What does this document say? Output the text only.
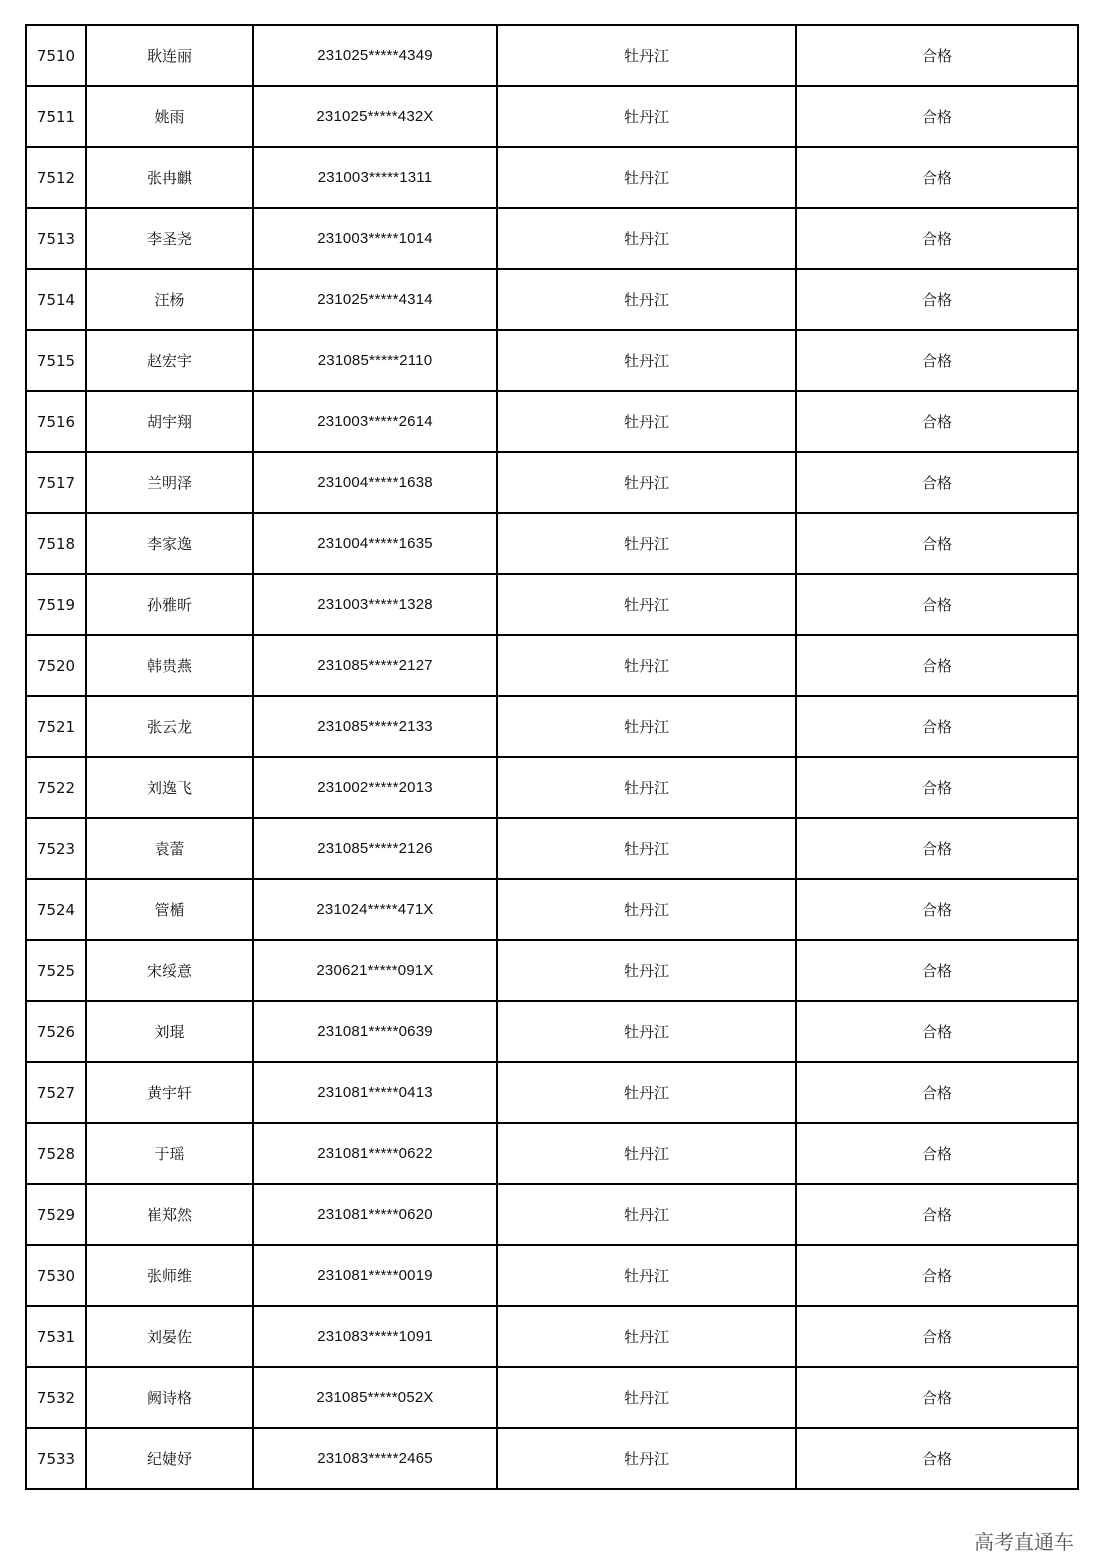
7510	耿连丽	231025*****4349	牡丹江	合格
7511	姚雨	231025*****432X	牡丹江	合格
7512	张冉麒	231003*****1311	牡丹江	合格
7513	李圣尧	231003*****1014	牡丹江	合格
7514	汪杨	231025*****4314	牡丹江	合格
7515	赵宏宇	231085*****2110	牡丹江	合格
7516	胡宇翔	231003*****2614	牡丹江	合格
7517	兰明泽	231004*****1638	牡丹江	合格
7518	李家逸	231004*****1635	牡丹江	合格
7519	孙雅昕	231003*****1328	牡丹江	合格
7520	韩贵燕	231085*****2127	牡丹江	合格
7521	张云龙	231085*****2133	牡丹江	合格
7522	刘逸飞	231002*****2013	牡丹江	合格
7523	袁蕾	231085*****2126	牡丹江	合格
7524	管楯	231024*****471X	牡丹江	合格
7525	宋绥意	230621*****091X	牡丹江	合格
7526	刘琨	231081*****0639	牡丹江	合格
7527	黄宇轩	231081*****0413	牡丹江	合格
7528	于瑶	231081*****0622	牡丹江	合格
7529	崔郑然	231081*****0620	牡丹江	合格
7530	张师维	231081*****0019	牡丹江	合格
7531	刘晏佐	231083*****1091	牡丹江	合格
7532	阙诗格	231085*****052X	牡丹江	合格
7533	纪婕妤	231083*****2465	牡丹江	合格
高考直通车
